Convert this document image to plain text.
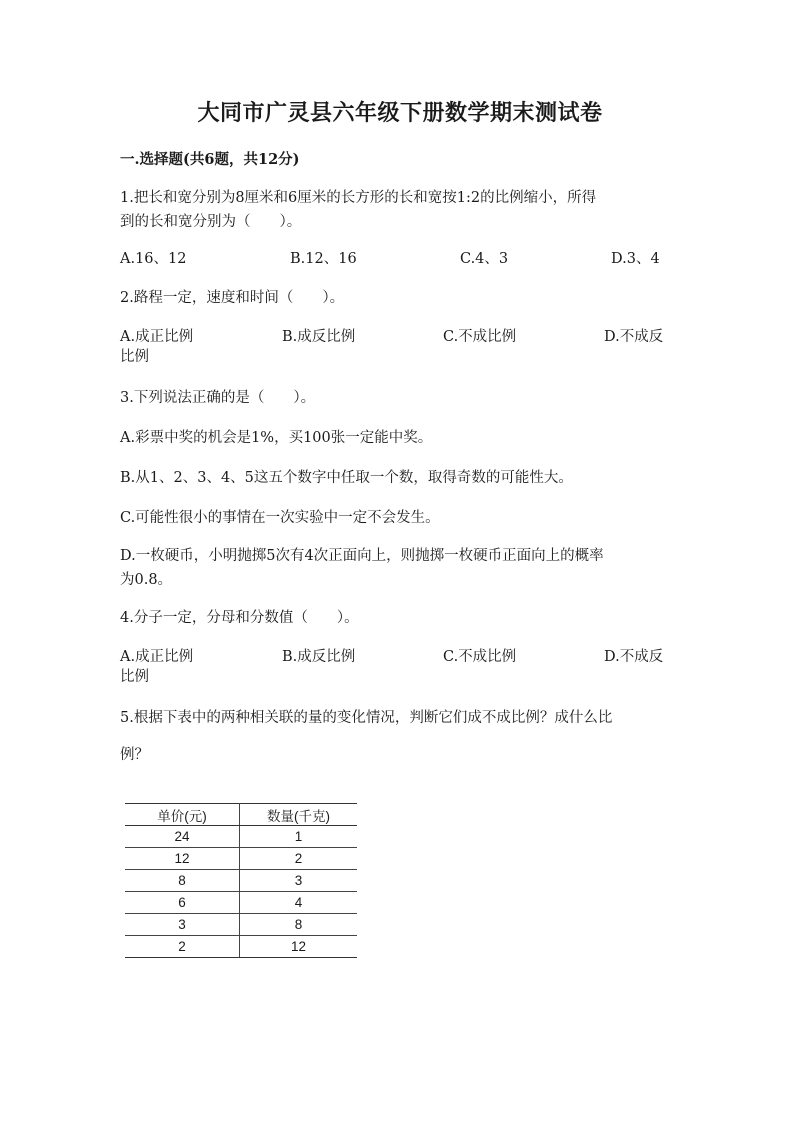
大同市广灵县六年级下册数学期末测试卷
一.选择题(共6题，共12分)
1.把长和宽分别为8厘米和6厘米的长方形的长和宽按1:2的比例缩小，所得
到的长和宽分别为（　　）。
A.16、12	B.12、16	C.4、3	D.3、4
2.路程一定，速度和时间（　　）。
A.成正比例	B.成反比例	C.不成比例	D.不成反
比例
3.下列说法正确的是（　　）。
A.彩票中奖的机会是1%，买100张一定能中奖。
B.从1、2、3、4、5这五个数字中任取一个数，取得奇数的可能性大。
C.可能性很小的事情在一次实验中一定不会发生。
D.一枚硬币，小明抛掷5次有4次正面向上，则抛掷一枚硬币正面向上的概率
为0.8。
4.分子一定，分母和分数值（　　）。
A.成正比例	B.成反比例	C.不成比例	D.不成反
比例
5.根据下表中的两种相关联的量的变化情况，判断它们成不成比例？成什么比
例？
单价(元)	数量(千克)
24	1
12	2
8	3
6	4
3	8
2	12
